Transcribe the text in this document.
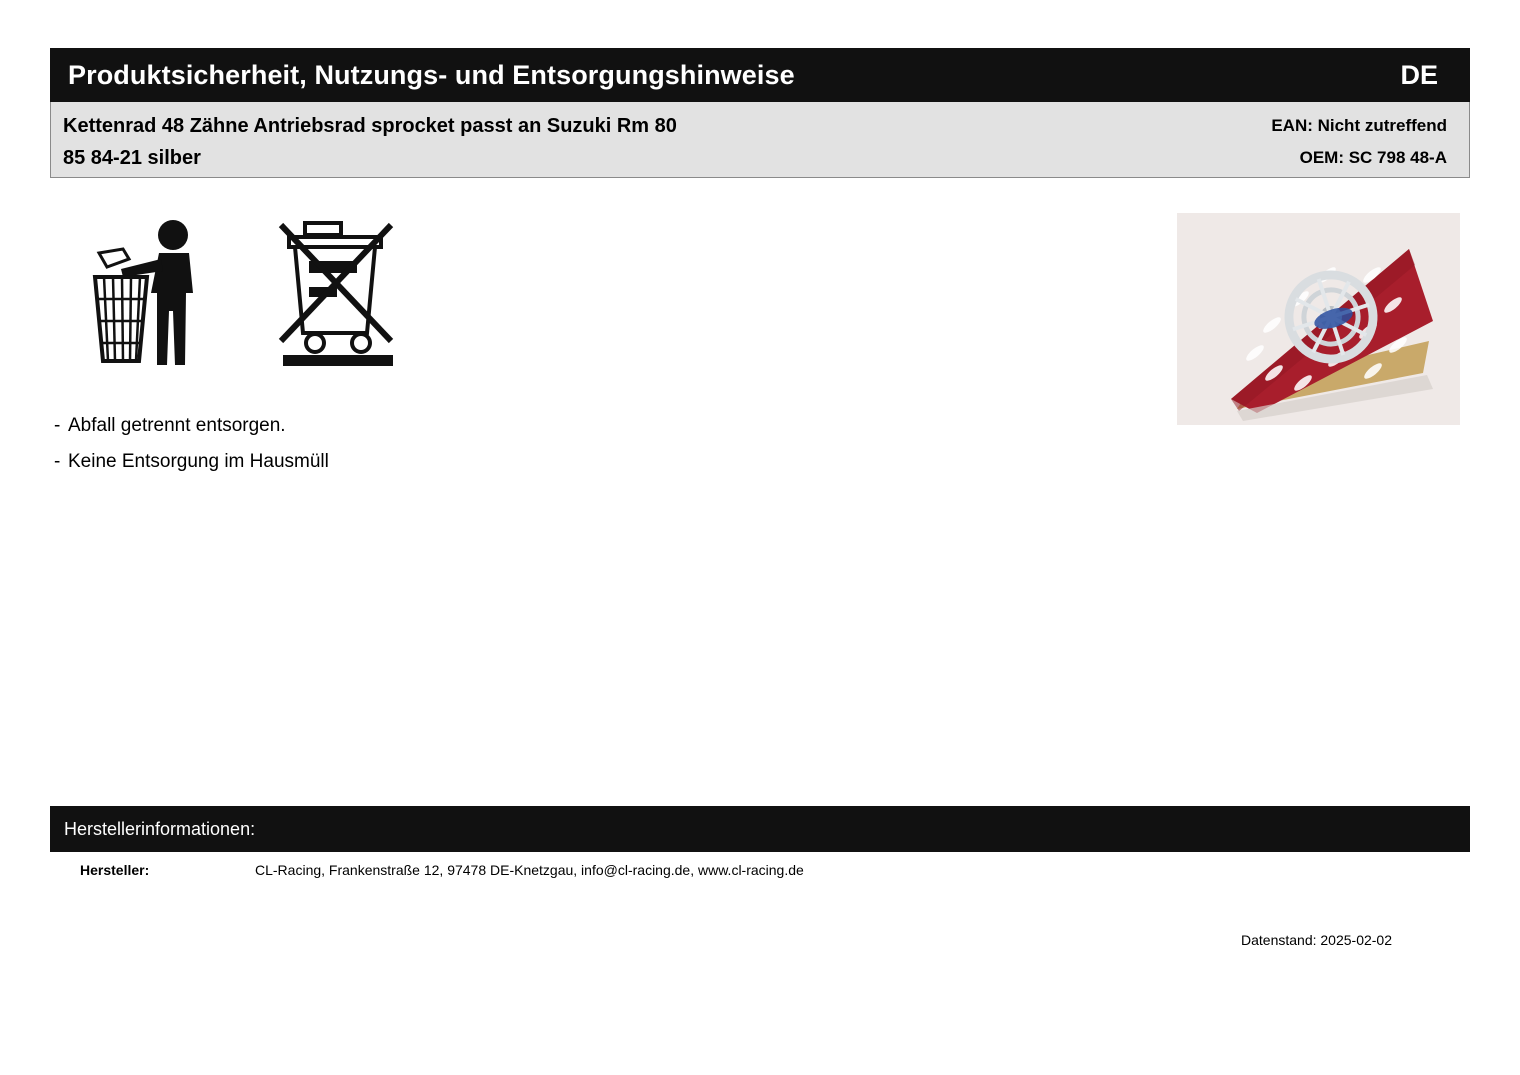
Produktsicherheit, Nutzungs- und Entsorgungshinweise	DE
Kettenrad 48 Zähne Antriebsrad sprocket passt an Suzuki Rm 80
85 84-21 silber
EAN: Nicht zutreffend
OEM: SC 798 48-A
- Abfall getrennt entsorgen.
- Keine Entsorgung im Hausmüll
Herstellerinformationen:
Hersteller:	CL-Racing, Frankenstraße 12, 97478 DE-Knetzgau, info@cl-racing.de, www.cl-racing.de
Datenstand: 2025-02-02
